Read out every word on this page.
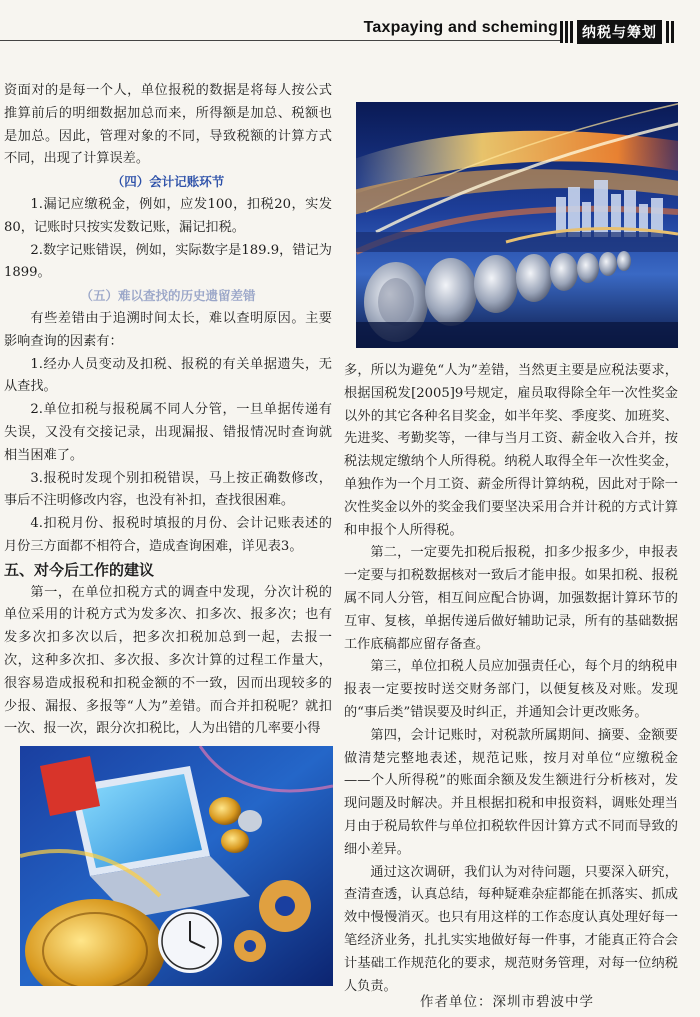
Taxpaying and scheming	纳税与筹划

资面对的是每一个人，单位报税的数据是将每人按公式推算前后的明细数据加总而来，所得额是加总、税额也是加总。因此，管理对象的不同，导致税额的计算方式不同，出现了计算误差。

（四）会计记账环节

1.漏记应缴税金，例如，应发100，扣税20，实发80，记账时只按实发数记账，漏记扣税。

2.数字记账错误，例如，实际数字是189.9，错记为1899。

（五）难以查找的历史遗留差错

有些差错由于追溯时间太长，难以查明原因。主要影响查询的因素有：

1.经办人员变动及扣税、报税的有关单据遗失，无从查找。

2.单位扣税与报税属不同人分管，一旦单据传递有失误，又没有交接记录，出现漏报、错报情况时查询就相当困难了。

3.报税时发现个别扣税错误，马上按正确数修改，事后不注明修改内容，也没有补扣，查找很困难。

4.扣税月份、报税时填报的月份、会计记账表述的月份三方面都不相符合，造成查询困难，详见表3。

五、对今后工作的建议

第一，在单位扣税方式的调查中发现，分次计税的单位采用的计税方式为发多次、扣多次、报多次；也有发多次扣多次以后，把多次扣税加总到一起，去报一次，这种多次扣、多次报、多次计算的过程工作量大，很容易造成报税和扣税金额的不一致，因而出现较多的少报、漏报、多报等“人为”差错。而合并扣税呢？就扣一次、报一次，跟分次扣税比，人为出错的几率要小得

多，所以为避免“人为”差错，当然更主要是应税法要求，根据国税发[2005]9号规定，雇员取得除全年一次性奖金以外的其它各种名目奖金，如半年奖、季度奖、加班奖、先进奖、考勤奖等，一律与当月工资、薪金收入合并，按税法规定缴纳个人所得税。纳税人取得全年一次性奖金，单独作为一个月工资、薪金所得计算纳税，因此对于除一次性奖金以外的奖金我们要坚决采用合并计税的方式计算和申报个人所得税。

第二，一定要先扣税后报税，扣多少报多少，申报表一定要与扣税数据核对一致后才能申报。如果扣税、报税属不同人分管，相互间应配合协调，加强数据计算环节的互审、复核，单据传递后做好辅助记录，所有的基础数据工作底稿都应留存备查。

第三，单位扣税人员应加强责任心，每个月的纳税申报表一定要按时送交财务部门，以便复核及对账。发现的“事后类”错误要及时纠正，并通知会计更改账务。

第四，会计记账时，对税款所属期间、摘要、金额要做清楚完整地表述，规范记账，按月对单位“应缴税金——个人所得税”的账面余额及发生额进行分析核对，发现问题及时解决。并且根据扣税和申报资料，调账处理当月由于税局软件与单位扣税软件因计算方式不同而导致的细小差异。

通过这次调研，我们认为对待问题，只要深入研究，查清查透，认真总结，每种疑难杂症都能在抓落实、抓成效中慢慢消灭。也只有用这样的工作态度认真处理好每一笔经济业务，扎扎实实地做好每一件事，才能真正符合会计基础工作规范化的要求，规范财务管理，对每一位纳税人负责。

作者单位：深圳市碧波中学
